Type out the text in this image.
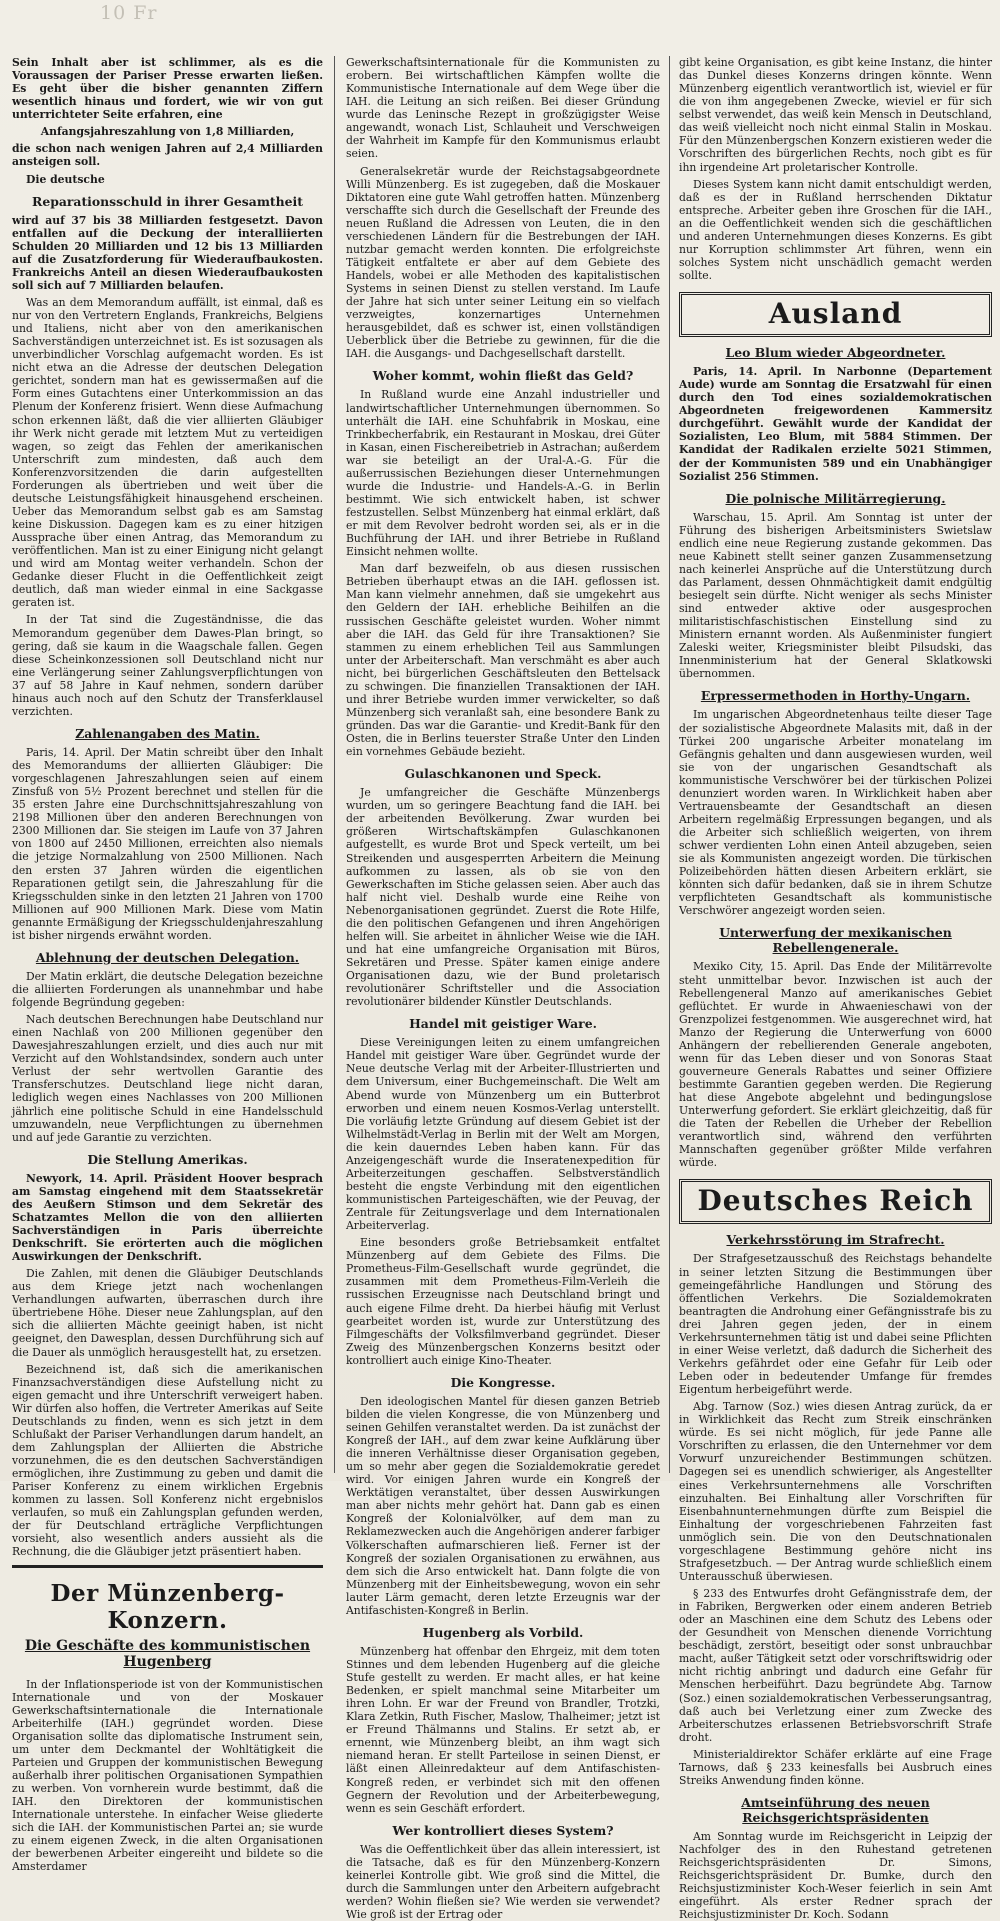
10 Fr

Sein Inhalt aber ist schlimmer, als es die Voraussagen der Pariser Presse erwarten ließen. Es geht über die bisher genannten Ziffern wesentlich hinaus und fordert, wie wir von gut unterrichteter Seite erfahren, eine

Anfangsjahreszahlung von 1,8 Milliarden,

die schon nach wenigen Jahren auf 2,4 Milliarden ansteigen soll.

Die deutsche

Reparationsschuld in ihrer Gesamtheit

wird auf 37 bis 38 Milliarden festgesetzt. Davon entfallen auf die Deckung der interalliierten Schulden 20 Milliarden und 12 bis 13 Milliarden auf die Zusatzforderung für Wiederaufbaukosten. Frankreichs Anteil an diesen Wiederaufbaukosten soll sich auf 7 Milliarden belaufen.

Was an dem Memorandum auffällt, ist einmal, daß es nur von den Vertretern Englands, Frankreichs, Belgiens und Italiens, nicht aber von den amerikanischen Sachverständigen unterzeichnet ist. Es ist sozusagen als unverbindlicher Vorschlag aufgemacht worden. Es ist nicht etwa an die Adresse der deutschen Delegation gerichtet, sondern man hat es gewissermaßen auf die Form eines Gutachtens einer Unterkommission an das Plenum der Konferenz frisiert. Wenn diese Aufmachung schon erkennen läßt, daß die vier alliierten Gläubiger ihr Werk nicht gerade mit letztem Mut zu verteidigen wagen, so zeigt das Fehlen der amerikanischen Unterschrift zum mindesten, daß auch dem Konferenzvorsitzenden die darin aufgestellten Forderungen als übertrieben und weit über die deutsche Leistungsfähigkeit hinausgehend erscheinen. Ueber das Memorandum selbst gab es am Samstag keine Diskussion. Dagegen kam es zu einer hitzigen Aussprache über einen Antrag, das Memorandum zu veröffentlichen. Man ist zu einer Einigung nicht gelangt und wird am Montag weiter verhandeln. Schon der Gedanke dieser Flucht in die Oeffentlichkeit zeigt deutlich, daß man wieder einmal in eine Sackgasse geraten ist.

In der Tat sind die Zugeständnisse, die das Memorandum gegenüber dem Dawes-Plan bringt, so gering, daß sie kaum in die Waagschale fallen. Gegen diese Scheinkonzessionen soll Deutschland nicht nur eine Verlängerung seiner Zahlungsverpflichtungen von 37 auf 58 Jahre in Kauf nehmen, sondern darüber hinaus auch noch auf den Schutz der Transferklausel verzichten.

Zahlenangaben des Matin.

Paris, 14. April. Der Matin schreibt über den Inhalt des Memorandums der alliierten Gläubiger: Die vorgeschlagenen Jahreszahlungen seien auf einem Zinsfuß von 5½ Prozent berechnet und stellen für die 35 ersten Jahre eine Durchschnittsjahreszahlung von 2198 Millionen über den anderen Berechnungen von 2300 Millionen dar. Sie steigen im Laufe von 37 Jahren von 1800 auf 2450 Millionen, erreichten also niemals die jetzige Normalzahlung von 2500 Millionen. Nach den ersten 37 Jahren würden die eigentlichen Reparationen getilgt sein, die Jahreszahlung für die Kriegsschulden sinke in den letzten 21 Jahren von 1700 Millionen auf 900 Millionen Mark. Diese vom Matin genannte Ermäßigung der Kriegsschuldenjahreszahlung ist bisher nirgends erwähnt worden.

Ablehnung der deutschen Delegation.

Der Matin erklärt, die deutsche Delegation bezeichne die alliierten Forderungen als unannehmbar und habe folgende Begründung gegeben:

Nach deutschen Berechnungen habe Deutschland nur einen Nachlaß von 200 Millionen gegenüber den Dawesjahreszahlungen erzielt, und dies auch nur mit Verzicht auf den Wohlstandsindex, sondern auch unter Verlust der sehr wertvollen Garantie des Transferschutzes. Deutschland liege nicht daran, lediglich wegen eines Nachlasses von 200 Millionen jährlich eine politische Schuld in eine Handelsschuld umzuwandeln, neue Verpflichtungen zu übernehmen und auf jede Garantie zu verzichten.

Die Stellung Amerikas.

Newyork, 14. April. Präsident Hoover besprach am Samstag eingehend mit dem Staatssekretär des Aeußern Stimson und dem Sekretär des Schatzamtes Mellon die von den alliierten Sachverständigen in Paris überreichte Denkschrift. Sie erörterten auch die möglichen Auswirkungen der Denkschrift.

Die Zahlen, mit denen die Gläubiger Deutschlands aus dem Kriege jetzt nach wochenlangen Verhandlungen aufwarten, überraschen durch ihre übertriebene Höhe. Dieser neue Zahlungsplan, auf den sich die alliierten Mächte geeinigt haben, ist nicht geeignet, den Dawesplan, dessen Durchführung sich auf die Dauer als unmöglich herausgestellt hat, zu ersetzen.

Bezeichnend ist, daß sich die amerikanischen Finanzsachverständigen diese Aufstellung nicht zu eigen gemacht und ihre Unterschrift verweigert haben. Wir dürfen also hoffen, die Vertreter Amerikas auf Seite Deutschlands zu finden, wenn es sich jetzt in dem Schlußakt der Pariser Verhandlungen darum handelt, an dem Zahlungsplan der Alliierten die Abstriche vorzunehmen, die es den deutschen Sachverständigen ermöglichen, ihre Zustimmung zu geben und damit die Pariser Konferenz zu einem wirklichen Ergebnis kommen zu lassen. Soll Konferenz nicht ergebnislos verlaufen, so muß ein Zahlungsplan gefunden werden, der für Deutschland erträgliche Verpflichtungen vorsieht, also wesentlich anders aussieht als die Rechnung, die die Gläubiger jetzt präsentiert haben.

Der Münzenberg-Konzern.
Die Geschäfte des kommunistischen Hugenberg

In der Inflationsperiode ist von der Kommunistischen Internationale und von der Moskauer Gewerkschaftsinternationale die Internationale Arbeiterhilfe (IAH.) gegründet worden. Diese Organisation sollte das diplomatische Instrument sein, um unter dem Deckmantel der Wohltätigkeit die Parteien und Gruppen der kommunistischen Bewegung außerhalb ihrer politischen Organisationen Sympathien zu werben. Von vornherein wurde bestimmt, daß die IAH. den Direktoren der kommunistischen Internationale unterstehe. In einfacher Weise gliederte sich die IAH. der Kommunistischen Partei an; sie wurde zu einem eigenen Zweck, in die alten Organisationen der bewerbenen Arbeiter eingereiht und bildete so die Amsterdamer

Gewerkschaftsinternationale für die Kommunisten zu erobern. Bei wirtschaftlichen Kämpfen wollte die Kommunistische Internationale auf dem Wege über die IAH. die Leitung an sich reißen. Bei dieser Gründung wurde das Leninsche Rezept in großzügigster Weise angewandt, wonach List, Schlauheit und Verschweigen der Wahrheit im Kampfe für den Kommunismus erlaubt seien.

Generalsekretär wurde der Reichstagsabgeordnete Willi Münzenberg. Es ist zugegeben, daß die Moskauer Diktatoren eine gute Wahl getroffen hatten. Münzenberg verschaffte sich durch die Gesellschaft der Freunde des neuen Rußland die Adressen von Leuten, die in den verschiedenen Ländern für die Bestrebungen der IAH. nutzbar gemacht werden konnten. Die erfolgreichste Tätigkeit entfaltete er aber auf dem Gebiete des Handels, wobei er alle Methoden des kapitalistischen Systems in seinen Dienst zu stellen verstand. Im Laufe der Jahre hat sich unter seiner Leitung ein so vielfach verzweigtes, konzernartiges Unternehmen herausgebildet, daß es schwer ist, einen vollständigen Ueberblick über die Betriebe zu gewinnen, für die die IAH. die Ausgangs- und Dachgesellschaft darstellt.

Woher kommt, wohin fließt das Geld?

In Rußland wurde eine Anzahl industrieller und landwirtschaftlicher Unternehmungen übernommen. So unterhält die IAH. eine Schuhfabrik in Moskau, eine Trinkbecherfabrik, ein Restaurant in Moskau, drei Güter in Kasan, einen Fischereibetrieb in Astrachan; außerdem war sie beteiligt an der Ural-A.-G. Für die außerrussischen Beziehungen dieser Unternehmungen wurde die Industrie- und Handels-A.-G. in Berlin bestimmt. Wie sich entwickelt haben, ist schwer festzustellen. Selbst Münzenberg hat einmal erklärt, daß er mit dem Revolver bedroht worden sei, als er in die Buchführung der IAH. und ihrer Betriebe in Rußland Einsicht nehmen wollte.

Man darf bezweifeln, ob aus diesen russischen Betrieben überhaupt etwas an die IAH. geflossen ist. Man kann vielmehr annehmen, daß sie umgekehrt aus den Geldern der IAH. erhebliche Beihilfen an die russischen Geschäfte geleistet wurden. Woher nimmt aber die IAH. das Geld für ihre Transaktionen? Sie stammen zu einem erheblichen Teil aus Sammlungen unter der Arbeiterschaft. Man verschmäht es aber auch nicht, bei bürgerlichen Geschäftsleuten den Bettelsack zu schwingen. Die finanziellen Transaktionen der IAH. und ihrer Betriebe wurden immer verwickelter, so daß Münzenberg sich veranlaßt sah, eine besondere Bank zu gründen. Das war die Garantie- und Kredit-Bank für den Osten, die in Berlins teuerster Straße Unter den Linden ein vornehmes Gebäude bezieht.

Gulaschkanonen und Speck.

Je umfangreicher die Geschäfte Münzenbergs wurden, um so geringere Beachtung fand die IAH. bei der arbeitenden Bevölkerung. Zwar wurden bei größeren Wirtschaftskämpfen Gulaschkanonen aufgestellt, es wurde Brot und Speck verteilt, um bei Streikenden und ausgesperrten Arbeitern die Meinung aufkommen zu lassen, als ob sie von den Gewerkschaften im Stiche gelassen seien. Aber auch das half nicht viel. Deshalb wurde eine Reihe von Nebenorganisationen gegründet. Zuerst die Rote Hilfe, die den politischen Gefangenen und ihren Angehörigen helfen will. Sie arbeitet in ähnlicher Weise wie die IAH. und hat eine umfangreiche Organisation mit Büros, Sekretären und Presse. Später kamen einige andere Organisationen dazu, wie der Bund proletarisch revolutionärer Schriftsteller und die Association revolutionärer bildender Künstler Deutschlands.

Handel mit geistiger Ware.

Diese Vereinigungen leiten zu einem umfangreichen Handel mit geistiger Ware über. Gegründet wurde der Neue deutsche Verlag mit der Arbeiter-Illustrierten und dem Universum, einer Buchgemeinschaft. Die Welt am Abend wurde von Münzenberg um ein Butterbrot erworben und einem neuen Kosmos-Verlag unterstellt. Die vorläufig letzte Gründung auf diesem Gebiet ist der Wilhelmstädt-Verlag in Berlin mit der Welt am Morgen, die kein dauerndes Leben haben kann. Für das Anzeigengeschäft wurde die Inseratenexpedition für Arbeiterzeitungen geschaffen. Selbstverständlich besteht die engste Verbindung mit den eigentlichen kommunistischen Parteigeschäften, wie der Peuvag, der Zentrale für Zeitungsverlage und dem Internationalen Arbeiterverlag.

Eine besonders große Betriebsamkeit entfaltet Münzenberg auf dem Gebiete des Films. Die Prometheus-Film-Gesellschaft wurde gegründet, die zusammen mit dem Prometheus-Film-Verleih die russischen Erzeugnisse nach Deutschland bringt und auch eigene Filme dreht. Da hierbei häufig mit Verlust gearbeitet worden ist, wurde zur Unterstützung des Filmgeschäfts der Volksfilmverband gegründet. Dieser Zweig des Münzenbergschen Konzerns besitzt oder kontrolliert auch einige Kino-Theater.

Die Kongresse.

Den ideologischen Mantel für diesen ganzen Betrieb bilden die vielen Kongresse, die von Münzenberg und seinen Gehilfen veranstaltet werden. Da ist zunächst der Kongreß der IAH., auf dem zwar keine Aufklärung über die inneren Verhältnisse dieser Organisation gegeben, um so mehr aber gegen die Sozialdemokratie geredet wird. Vor einigen Jahren wurde ein Kongreß der Werktätigen veranstaltet, über dessen Auswirkungen man aber nichts mehr gehört hat. Dann gab es einen Kongreß der Kolonialvölker, auf dem man zu Reklamezwecken auch die Angehörigen anderer farbiger Völkerschaften aufmarschieren ließ. Ferner ist der Kongreß der sozialen Organisationen zu erwähnen, aus dem sich die Arso entwickelt hat. Dann folgte die von Münzenberg mit der Einheitsbewegung, wovon ein sehr lauter Lärm gemacht, deren letzte Erzeugnis war der Antifaschisten-Kongreß in Berlin.

Hugenberg als Vorbild.

Münzenberg hat offenbar den Ehrgeiz, mit dem toten Stinnes und dem lebenden Hugenberg auf die gleiche Stufe gestellt zu werden. Er macht alles, er hat keine Bedenken, er spielt manchmal seine Mitarbeiter um ihren Lohn. Er war der Freund von Brandler, Trotzki, Klara Zetkin, Ruth Fischer, Maslow, Thalheimer; jetzt ist er Freund Thälmanns und Stalins. Er setzt ab, er ernennt, wie Münzenberg bleibt, an ihm wagt sich niemand heran. Er stellt Parteilose in seinen Dienst, er läßt einen Alleinredakteur auf dem Antifaschisten-Kongreß reden, er verbindet sich mit den offenen Gegnern der Revolution und der Arbeiterbewegung, wenn es sein Geschäft erfordert.

Wer kontrolliert dieses System?

Was die Oeffentlichkeit über das allein interessiert, ist die Tatsache, daß es für den Münzenberg-Konzern keinerlei Kontrolle gibt. Wie groß sind die Mittel, die durch die Sammlungen unter den Arbeitern aufgebracht werden? Wohin fließen sie? Wie werden sie verwendet? Wie groß ist der Ertrag oder

gibt keine Organisation, es gibt keine Instanz, die hinter das Dunkel dieses Konzerns dringen könnte. Wenn Münzenberg eigentlich verantwortlich ist, wieviel er für die von ihm angegebenen Zwecke, wieviel er für sich selbst verwendet, das weiß kein Mensch in Deutschland, das weiß vielleicht noch nicht einmal Stalin in Moskau. Für den Münzenbergschen Konzern existieren weder die Vorschriften des bürgerlichen Rechts, noch gibt es für ihn irgendeine Art proletarischer Kontrolle.

Dieses System kann nicht damit entschuldigt werden, daß es der in Rußland herrschenden Diktatur entspreche. Arbeiter geben ihre Groschen für die IAH., an die Oeffentlichkeit wenden sich die geschäftlichen und anderen Unternehmungen dieses Konzerns. Es gibt nur Korruption schlimmster Art führen, wenn ein solches System nicht unschädlich gemacht werden sollte.

Ausland
Leo Blum wieder Abgeordneter.

Paris, 14. April. In Narbonne (Departement Aude) wurde am Sonntag die Ersatzwahl für einen durch den Tod eines sozialdemokratischen Abgeordneten freigewordenen Kammersitz durchgeführt. Gewählt wurde der Kandidat der Sozialisten, Leo Blum, mit 5884 Stimmen. Der Kandidat der Radikalen erzielte 5021 Stimmen, der der Kommunisten 589 und ein Unabhängiger Sozialist 256 Stimmen.

Die polnische Militärregierung.

Warschau, 15. April. Am Sonntag ist unter der Führung des bisherigen Arbeitsministers Swietslaw endlich eine neue Regierung zustande gekommen. Das neue Kabinett stellt seiner ganzen Zusammensetzung nach keinerlei Ansprüche auf die Unterstützung durch das Parlament, dessen Ohnmächtigkeit damit endgültig besiegelt sein dürfte. Nicht weniger als sechs Minister sind entweder aktive oder ausgesprochen militaristischfaschistischen Einstellung sind zu Ministern ernannt worden. Als Außenminister fungiert Zaleski weiter, Kriegsminister bleibt Pilsudski, das Innenministerium hat der General Sklatkowski übernommen.

Erpressermethoden in Horthy-Ungarn.

Im ungarischen Abgeordnetenhaus teilte dieser Tage der sozialistische Abgeordnete Malasits mit, daß in der Türkei 200 ungarische Arbeiter monatelang im Gefängnis gehalten und dann ausgewiesen wurden, weil sie von der ungarischen Gesandtschaft als kommunistische Verschwörer bei der türkischen Polizei denunziert worden waren. In Wirklichkeit haben aber Vertrauensbeamte der Gesandtschaft an diesen Arbeitern regelmäßig Erpressungen begangen, und als die Arbeiter sich schließlich weigerten, von ihrem schwer verdienten Lohn einen Anteil abzugeben, seien sie als Kommunisten angezeigt worden. Die türkischen Polizeibehörden hätten diesen Arbeitern erklärt, sie könnten sich dafür bedanken, daß sie in ihrem Schutze verpflichteten Gesandtschaft als kommunistische Verschwörer angezeigt worden seien.

Unterwerfung der mexikanischen Rebellengenerale.

Mexiko City, 15. April. Das Ende der Militärrevolte steht unmittelbar bevor. Inzwischen ist auch der Rebellengeneral Manzo auf amerikanisches Gebiet geflüchtet. Er wurde in Ahwaenieschawi von der Grenzpolizei festgenommen. Wie ausgerechnet wird, hat Manzo der Regierung die Unterwerfung von 6000 Anhängern der rebellierenden Generale angeboten, wenn für das Leben dieser und von Sonoras Staat gouverneure Generals Rabattes und seiner Offiziere bestimmte Garantien gegeben werden. Die Regierung hat diese Angebote abgelehnt und bedingungslose Unterwerfung gefordert. Sie erklärt gleichzeitig, daß für die Taten der Rebellen die Urheber der Rebellion verantwortlich sind, während den verführten Mannschaften gegenüber größter Milde verfahren würde.

Deutsches Reich
Verkehrsstörung im Strafrecht.

Der Strafgesetzausschuß des Reichstags behandelte in seiner letzten Sitzung die Bestimmungen über gemeingefährliche Handlungen und Störung des öffentlichen Verkehrs. Die Sozialdemokraten beantragten die Androhung einer Gefängnisstrafe bis zu drei Jahren gegen jeden, der in einem Verkehrsunternehmen tätig ist und dabei seine Pflichten in einer Weise verletzt, daß dadurch die Sicherheit des Verkehrs gefährdet oder eine Gefahr für Leib oder Leben oder in bedeutender Umfange für fremdes Eigentum herbeigeführt werde.

Abg. Tarnow (Soz.) wies diesen Antrag zurück, da er in Wirklichkeit das Recht zum Streik einschränken würde. Es sei nicht möglich, für jede Panne alle Vorschriften zu erlassen, die den Unternehmer vor dem Vorwurf unzureichender Bestimmungen schützen. Dagegen sei es unendlich schwieriger, als Angestellter eines Verkehrsunternehmens alle Vorschriften einzuhalten. Bei Einhaltung aller Vorschriften für Eisenbahnunternehmungen dürfte zum Beispiel die Einhaltung der vorgeschriebenen Fahrzeiten fast unmöglich sein. Die von den Deutschnationalen vorgeschlagene Bestimmung gehöre nicht ins Strafgesetzbuch. — Der Antrag wurde schließlich einem Unterausschuß überwiesen.

§ 233 des Entwurfes droht Gefängnisstrafe dem, der in Fabriken, Bergwerken oder einem anderen Betrieb oder an Maschinen eine dem Schutz des Lebens oder der Gesundheit von Menschen dienende Vorrichtung beschädigt, zerstört, beseitigt oder sonst unbrauchbar macht, außer Tätigkeit setzt oder vorschriftswidrig oder nicht richtig anbringt und dadurch eine Gefahr für Menschen herbeiführt. Dazu begründete Abg. Tarnow (Soz.) einen sozialdemokratischen Verbesserungsantrag, daß auch bei Verletzung einer zum Zwecke des Arbeiterschutzes erlassenen Betriebsvorschrift Strafe droht.

Ministerialdirektor Schäfer erklärte auf eine Frage Tarnows, daß § 233 keinesfalls bei Ausbruch eines Streiks Anwendung finden könne.

Amtseinführung des neuen Reichsgerichtspräsidenten

Am Sonntag wurde im Reichsgericht in Leipzig der Nachfolger des in den Ruhestand getretenen Reichsgerichtspräsidenten Dr. Simons, Reichsgerichtspräsident Dr. Bumke, durch den Reichsjustizminister Koch-Weser feierlich in sein Amt eingeführt. Als erster Redner sprach der Reichsjustizminister Dr. Koch. Sodann
